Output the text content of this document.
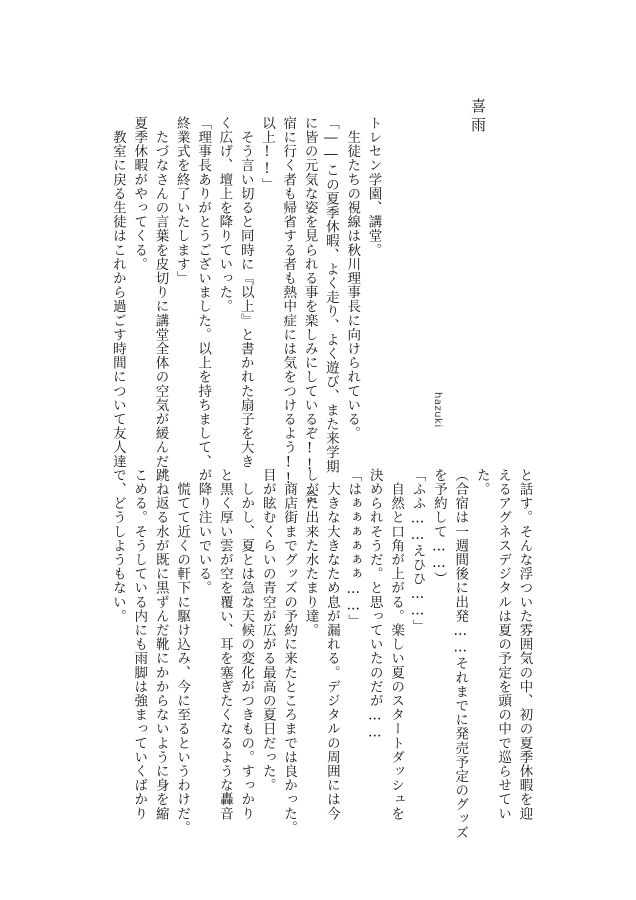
喜雨
hazuki
トレセン学園、講堂。
　生徒たちの視線は秋川理事長に向けられている。
「――この夏季休暇、よく走り、よく遊び、また来学期
に皆の元気な姿を見られる事を楽しみにしているぞ!! 合
宿に行く者も帰省する者も熱中症には気をつけるよう!!
以上!!」
　そう言い切ると同時に『以上』と書かれた扇子を大き
く広げ、壇上を降りていった。
「理事長ありがとうございました。以上を持ちまして、
終業式を終了いたします」
　たづなさんの言葉を皮切りに講堂全体の空気が緩んだ。
夏季休暇がやってくる。
　教室に戻る生徒はこれから過ごす時間について友人達
と話す。そんな浮ついた雰囲気の中、初の夏季休暇を迎
えるアグネスデジタルは夏の予定を頭の中で巡らせてい
た。
（合宿は一週間後に出発……それまでに発売予定のグッズ
を予約して……）
「ふふ……えひひ……」
　自然と口角が上がる。楽しい夏のスタートダッシュを
決められそうだ。と思っていたのだが……
「はぁぁぁぁぁぁ……」
　大きな大きなため息が漏れる。デジタルの周囲には今
しがた出来た水たまり達。
　商店街までグッズの予約に来たところまでは良かった。
目が眩むくらいの青空が広がる最高の夏日だった。
　しかし、夏とは急な天候の変化がつきもの。すっかり
と黒く厚い雲が空を覆い、耳を塞ぎたくなるような轟音
が降り注いでいる。
　慌てて近くの軒下に駆け込み、今に至るというわけだ。
跳ね返る水が既に黒ずんだ靴にかからないように身を縮
こめる。そうしている内にも雨脚は強まっていくばかり
で、どうしようもない。
